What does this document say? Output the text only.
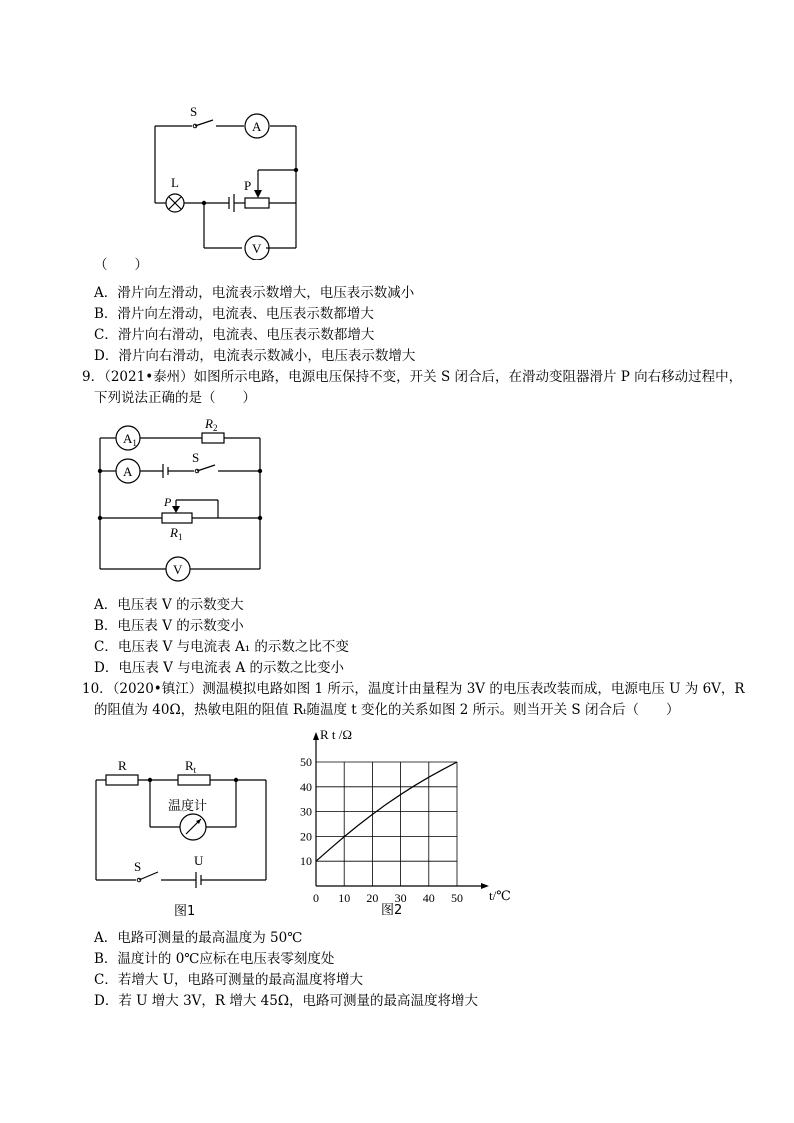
S
A
L	P
V
（　　）
A．滑片向左滑动，电流表示数增大，电压表示数减小
B．滑片向左滑动，电流表、电压表示数都增大
C．滑片向右滑动，电流表、电压表示数都增大
D．滑片向右滑动，电流表示数减小，电压表示数增大
9．（2021•泰州）如图所示电路，电源电压保持不变，开关 S 闭合后，在滑动变阻器滑片 P 向右移动过程中，
下列说法正确的是（　　）
$A_1$
$R_2$
A
S
P
$R_1$
V
A．电压表 V 的示数变大
B．电压表 V 的示数变小
C．电压表 V 与电流表 A₁ 的示数之比不变
D．电压表 V 与电流表 A 的示数之比变小
10．（2020•镇江）测温模拟电路如图 1 所示，温度计由量程为 3V 的电压表改装而成，电源电压 U 为 6V，R
的阻值为 40Ω，热敏电阻的阻值 Rₜ随温度 t 变化的关系如图 2 所示。则当开关 S 闭合后（　　）
R	$R_t$
温度计
S	U
图1
0 10 20 30 40 50
10
20
30
40
50
R t /Ω
t/℃
图2
A．电路可测量的最高温度为 50℃
B．温度计的 0℃应标在电压表零刻度处
C．若增大 U，电路可测量的最高温度将增大
D．若 U 增大 3V，R 增大 45Ω，电路可测量的最高温度将增大
